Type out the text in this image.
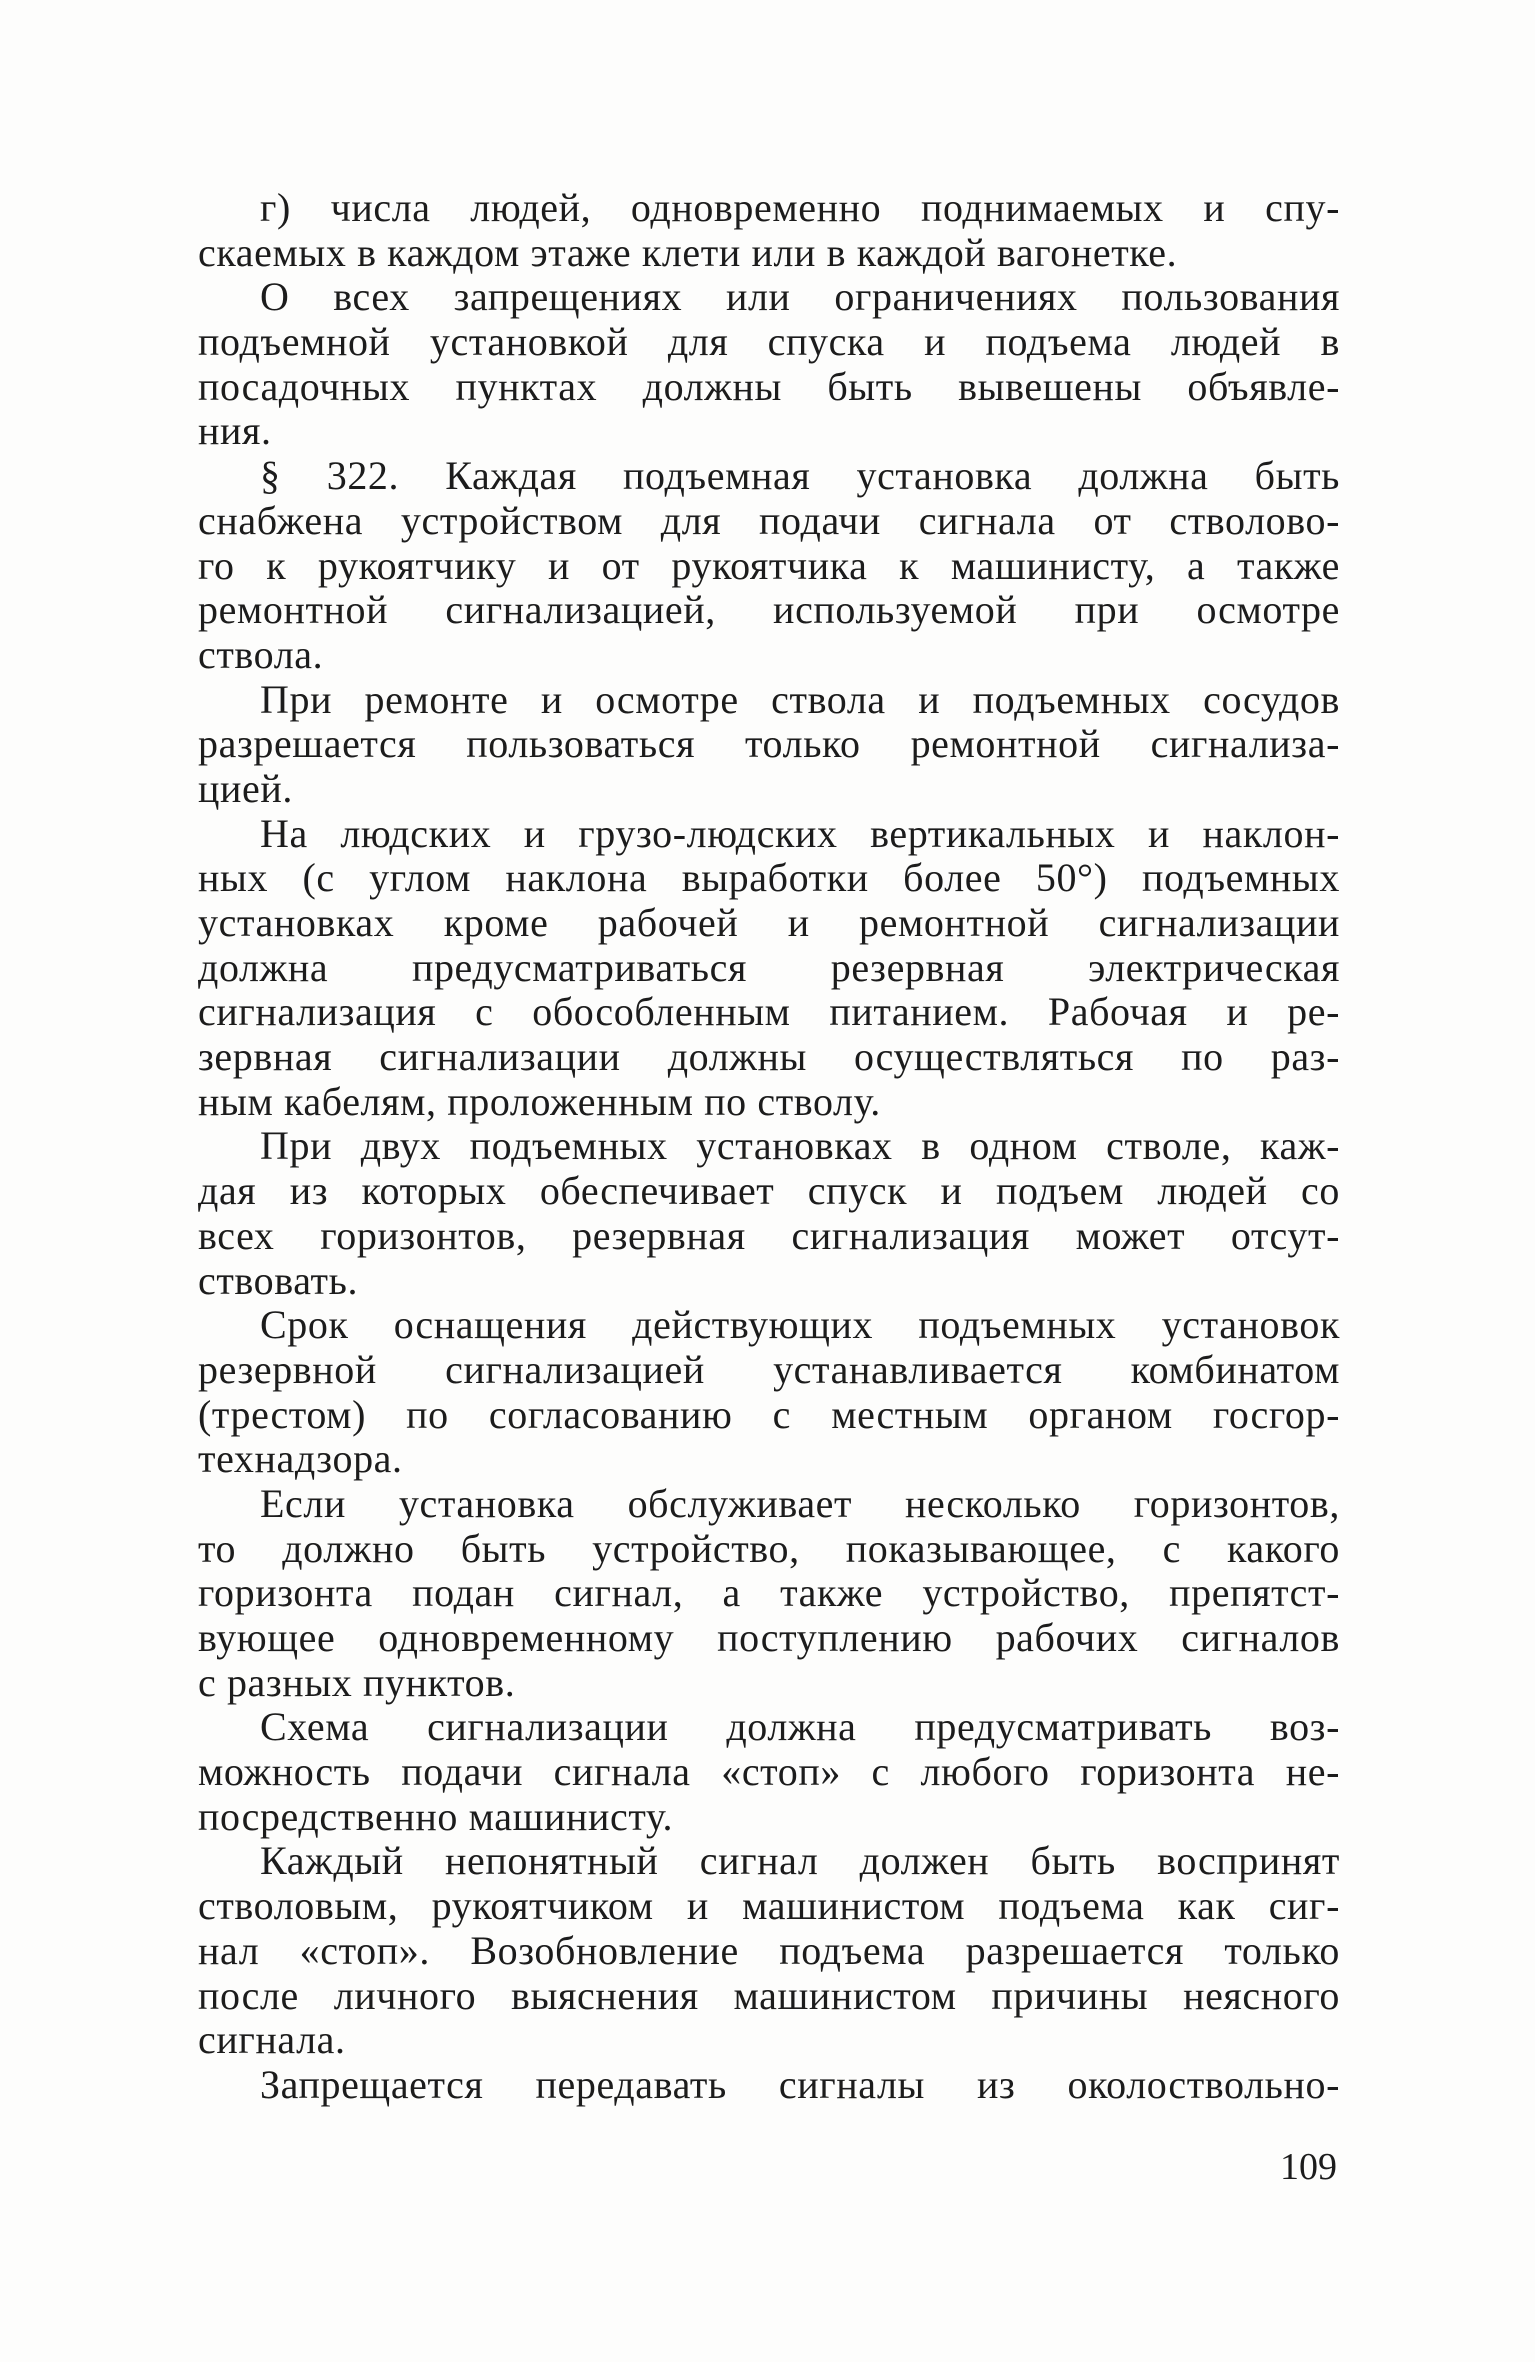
г) числа людей, одновременно поднимаемых и спу-
скаемых в каждом этаже клети или в каждой вагонетке.
О всех запрещениях или ограничениях пользования
подъемной установкой для спуска и подъема людей в
посадочных пунктах должны быть вывешены объявле-
ния.
§ 322. Каждая подъемная установка должна быть
снабжена устройством для подачи сигнала от стволово-
го к рукоятчику и от рукоятчика к машинисту, а также
ремонтной сигнализацией, используемой при осмотре
ствола.
При ремонте и осмотре ствола и подъемных сосудов
разрешается пользоваться только ремонтной сигнализа-
цией.
На людских и грузо-людских вертикальных и наклон-
ных (с углом наклона выработки более 50°) подъемных
установках кроме рабочей и ремонтной сигнализации
должна предусматриваться резервная электрическая
сигнализация с обособленным питанием. Рабочая и ре-
зервная сигнализации должны осуществляться по раз-
ным кабелям, проложенным по стволу.
При двух подъемных установках в одном стволе, каж-
дая из которых обеспечивает спуск и подъем людей со
всех горизонтов, резервная сигнализация может отсут-
ствовать.
Срок оснащения действующих подъемных установок
резервной сигнализацией устанавливается комбинатом
(трестом) по согласованию с местным органом госгор-
технадзора.
Если установка обслуживает несколько горизонтов,
то должно быть устройство, показывающее, с какого
горизонта подан сигнал, а также устройство, препятст-
вующее одновременному поступлению рабочих сигналов
с разных пунктов.
Схема сигнализации должна предусматривать воз-
можность подачи сигнала «стоп» с любого горизонта не-
посредственно машинисту.
Каждый непонятный сигнал должен быть воспринят
стволовым, рукоятчиком и машинистом подъема как сиг-
нал «стоп». Возобновление подъема разрешается только
после личного выяснения машинистом причины неясного
сигнала.
Запрещается передавать сигналы из околоствольно-
109
